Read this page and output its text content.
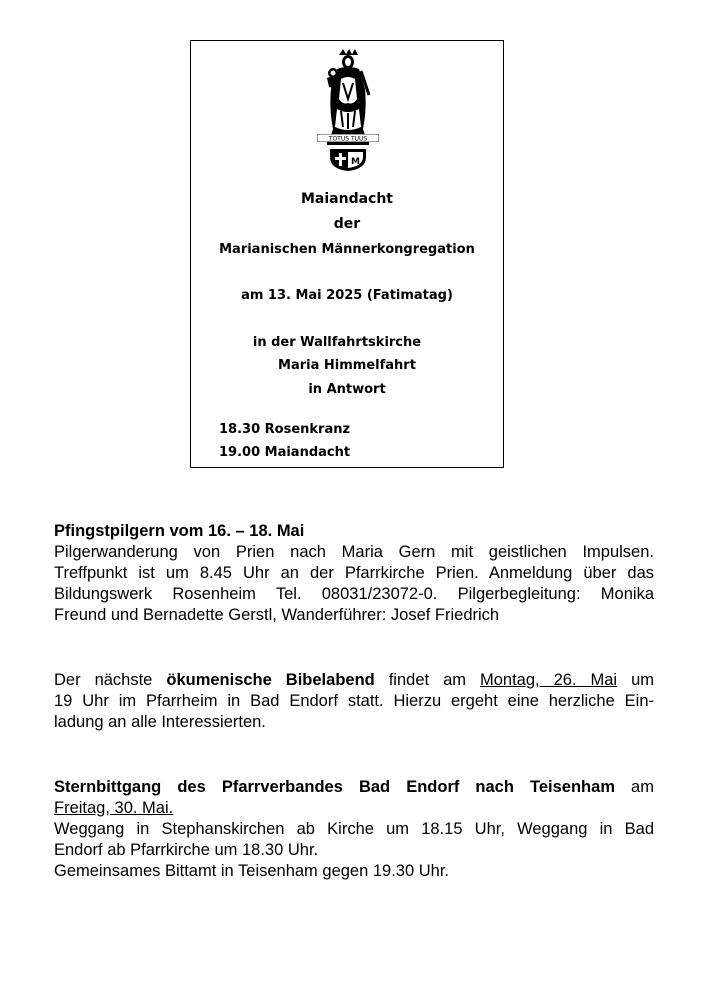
M
TOTUS TUUS
Maiandacht
der
Marianischen Männerkongregation
am 13. Mai 2025 (Fatimatag)
in der Wallfahrtskirche
Maria Himmelfahrt
in Antwort
18.30 Rosenkranz
19.00 Maiandacht
Pfingstpilgern vom 16. – 18. Mai
Pilgerwanderung von Prien nach Maria Gern mit geistlichen Impulsen.
Treffpunkt ist um 8.45 Uhr an der Pfarrkirche Prien. Anmeldung über das
Bildungswerk Rosenheim Tel. 08031/23072-0. Pilgerbegleitung: Monika
Freund und Bernadette Gerstl, Wanderführer: Josef Friedrich
Der nächste ökumenische Bibelabend findet am Montag, 26. Mai um
19 Uhr im Pfarrheim in Bad Endorf statt. Hierzu ergeht eine herzliche Ein-
ladung an alle Interessierten.
Sternbittgang des Pfarrverbandes Bad Endorf nach Teisenham am
Freitag, 30. Mai.
Weggang in Stephanskirchen ab Kirche um 18.15 Uhr, Weggang in Bad
Endorf ab Pfarrkirche um 18.30 Uhr.
Gemeinsames Bittamt in Teisenham gegen 19.30 Uhr.
